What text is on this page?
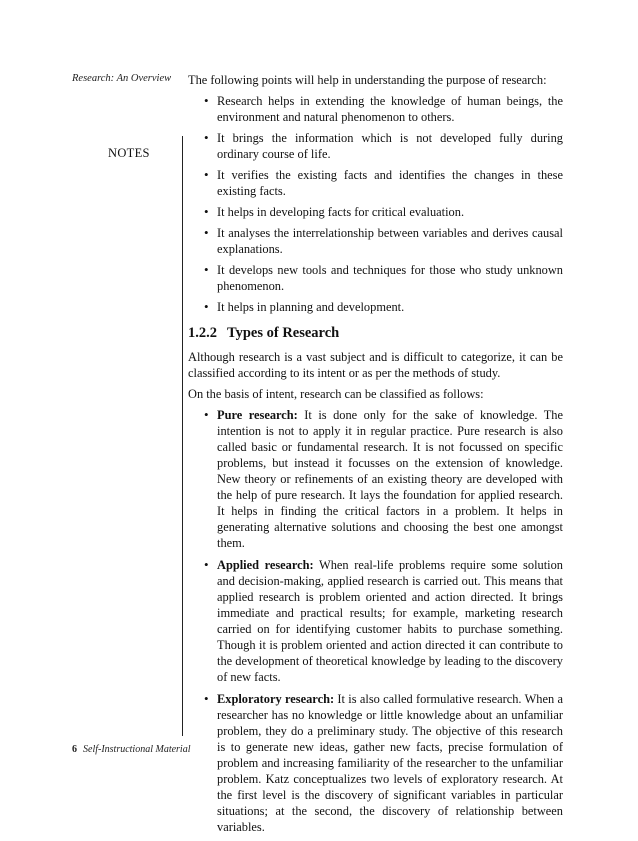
Research: An Overview
NOTES

The following points will help in understanding the purpose of research:

• Research helps in extending the knowledge of human beings, the environment and natural phenomenon to others.
• It brings the information which is not developed fully during ordinary course of life.
• It verifies the existing facts and identifies the changes in these existing facts.
• It helps in developing facts for critical evaluation.
• It analyses the interrelationship between variables and derives causal explanations.
• It develops new tools and techniques for those who study unknown phenomenon.
• It helps in planning and development.
1.2.2 Types of Research

Although research is a vast subject and is difficult to categorize, it can be classified according to its intent or as per the methods of study.

On the basis of intent, research can be classified as follows:

• Pure research: It is done only for the sake of knowledge. The intention is not to apply it in regular practice. Pure research is also called basic or fundamental research. It is not focussed on specific problems, but instead it focusses on the extension of knowledge. New theory or refinements of an existing theory are developed with the help of pure research. It lays the foundation for applied research. It helps in finding the critical factors in a problem. It helps in generating alternative solutions and choosing the best one amongst them.
• Applied research: When real-life problems require some solution and decision-making, applied research is carried out. This means that applied research is problem oriented and action directed. It brings immediate and practical results; for example, marketing research carried on for identifying customer habits to purchase something. Though it is problem oriented and action directed it can contribute to the development of theoretical knowledge by leading to the discovery of new facts.
• Exploratory research: It is also called formulative research. When a researcher has no knowledge or little knowledge about an unfamiliar problem, they do a preliminary study. The objective of this research is to generate new ideas, gather new facts, precise formulation of problem and increasing familiarity of the researcher to the unfamiliar problem. Katz conceptualizes two levels of exploratory research. At the first level is the discovery of significant variables in particular situations; at the second, the discovery of relationship between variables.
6 Self-Instructional Material
